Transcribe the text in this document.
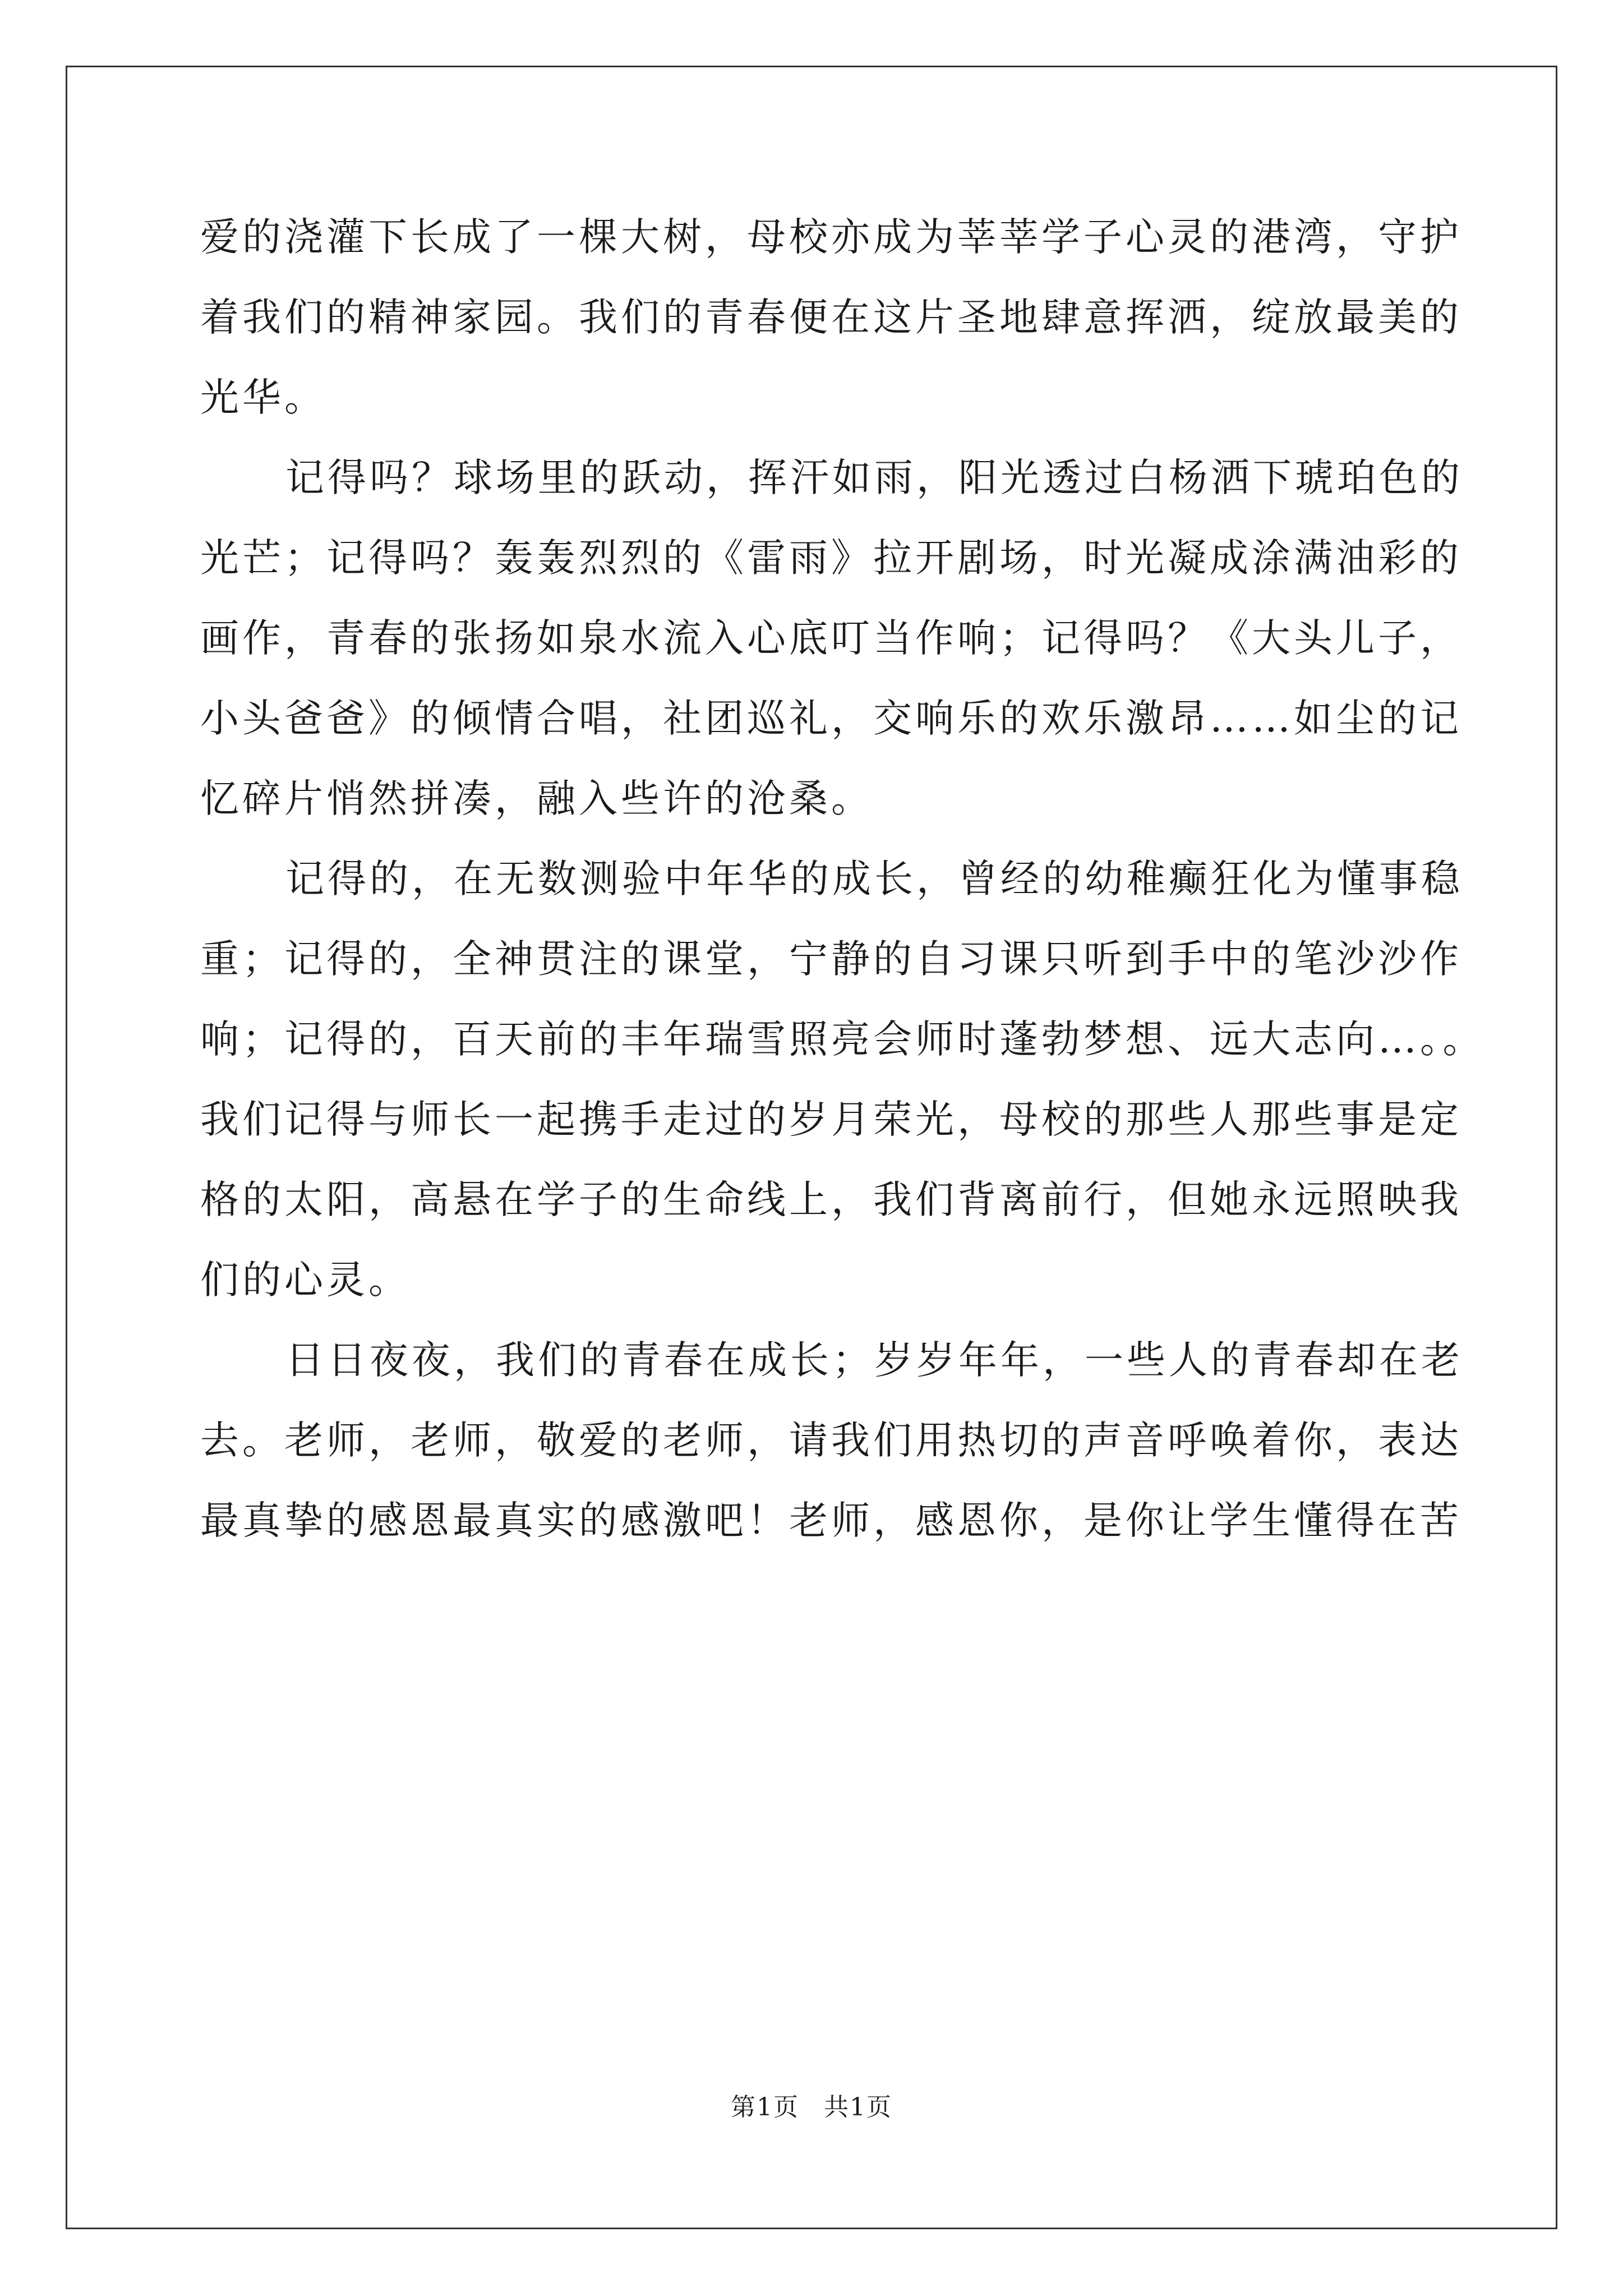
爱的浇灌下长成了一棵大树，母校亦成为莘莘学子心灵的港湾，守护
着我们的精神家园。我们的青春便在这片圣地肆意挥洒，绽放最美的
光华。

记得吗？球场里的跃动，挥汗如雨，阳光透过白杨洒下琥珀色的
光芒；记得吗？轰轰烈烈的《雷雨》拉开剧场，时光凝成涂满油彩的
画作，青春的张扬如泉水流入心底叮当作响；记得吗？《大头儿子，
小头爸爸》的倾情合唱，社团巡礼，交响乐的欢乐激昂……如尘的记
忆碎片悄然拼凑，融入些许的沧桑。

记得的，在无数测验中年华的成长，曾经的幼稚癫狂化为懂事稳
重；记得的，全神贯注的课堂，宁静的自习课只听到手中的笔沙沙作
响；记得的，百天前的丰年瑞雪照亮会师时蓬勃梦想、远大志向…。。
我们记得与师长一起携手走过的岁月荣光，母校的那些人那些事是定
格的太阳，高悬在学子的生命线上，我们背离前行，但她永远照映我
们的心灵。

日日夜夜，我们的青春在成长；岁岁年年，一些人的青春却在老
去。老师，老师，敬爱的老师，请我们用热切的声音呼唤着你，表达
最真挚的感恩最真实的感激吧！老师，感恩你，是你让学生懂得在苦

第1页 共1页
